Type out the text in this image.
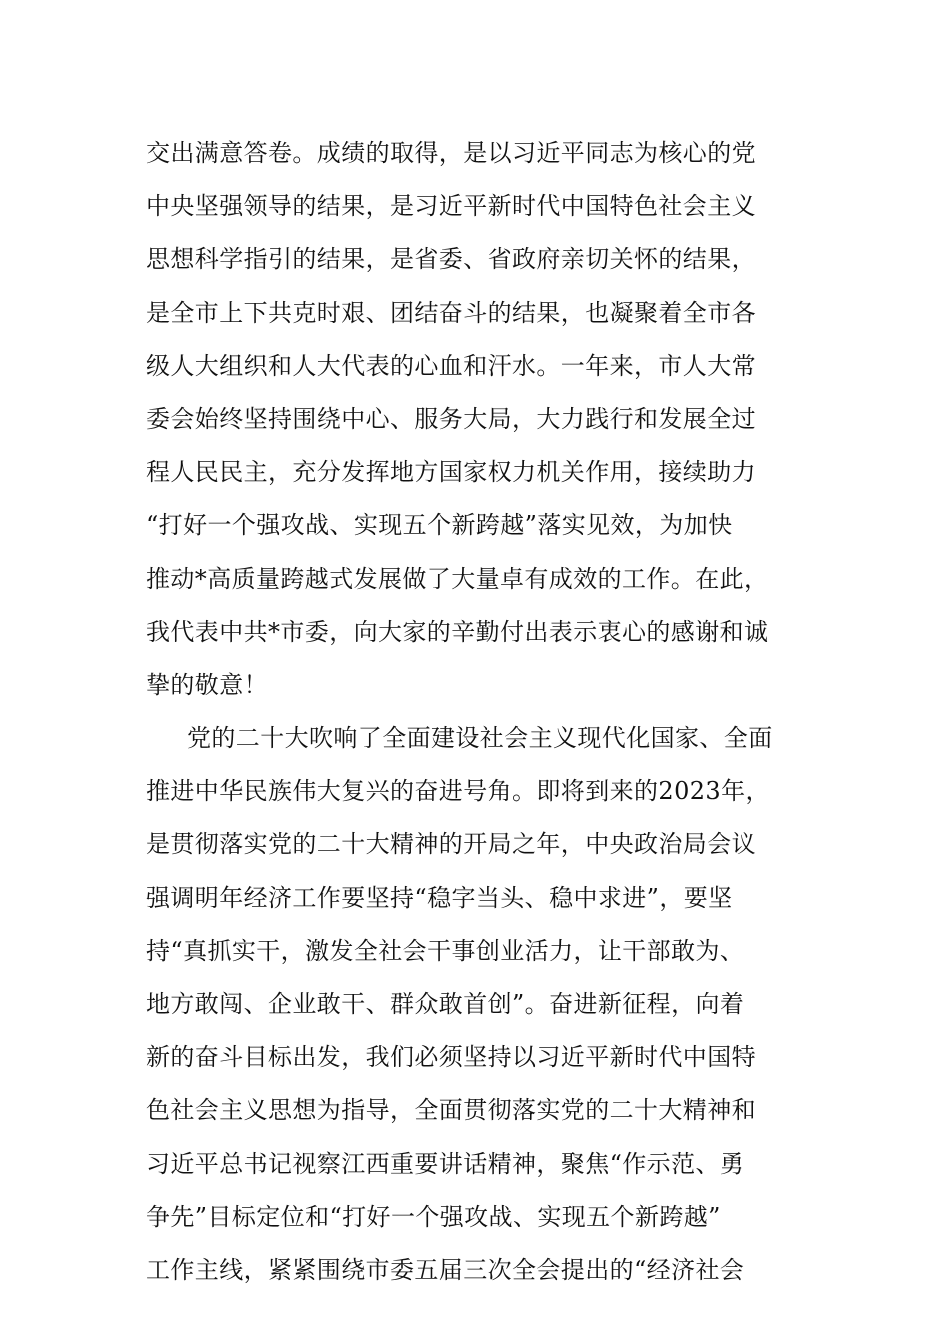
交出满意答卷。成绩的取得，是以习近平同志为核心的党
中央坚强领导的结果，是习近平新时代中国特色社会主义
思想科学指引的结果，是省委、省政府亲切关怀的结果，
是全市上下共克时艰、团结奋斗的结果，也凝聚着全市各
级人大组织和人大代表的心血和汗水。一年来，市人大常
委会始终坚持围绕中心、服务大局，大力践行和发展全过
程人民民主，充分发挥地方国家权力机关作用，接续助力
“打好一个强攻战、实现五个新跨越”落实见效，为加快
推动*高质量跨越式发展做了大量卓有成效的工作。在此，
我代表中共*市委，向大家的辛勤付出表示衷心的感谢和诚
挚的敬意！
党的二十大吹响了全面建设社会主义现代化国家、全面
推进中华民族伟大复兴的奋进号角。即将到来的2023年，
是贯彻落实党的二十大精神的开局之年，中央政治局会议
强调明年经济工作要坚持“稳字当头、稳中求进”，要坚
持“真抓实干，激发全社会干事创业活力，让干部敢为、
地方敢闯、企业敢干、群众敢首创”。奋进新征程，向着
新的奋斗目标出发，我们必须坚持以习近平新时代中国特
色社会主义思想为指导，全面贯彻落实党的二十大精神和
习近平总书记视察江西重要讲话精神，聚焦“作示范、勇
争先”目标定位和“打好一个强攻战、实现五个新跨越”
工作主线，紧紧围绕市委五届三次全会提出的“经济社会
